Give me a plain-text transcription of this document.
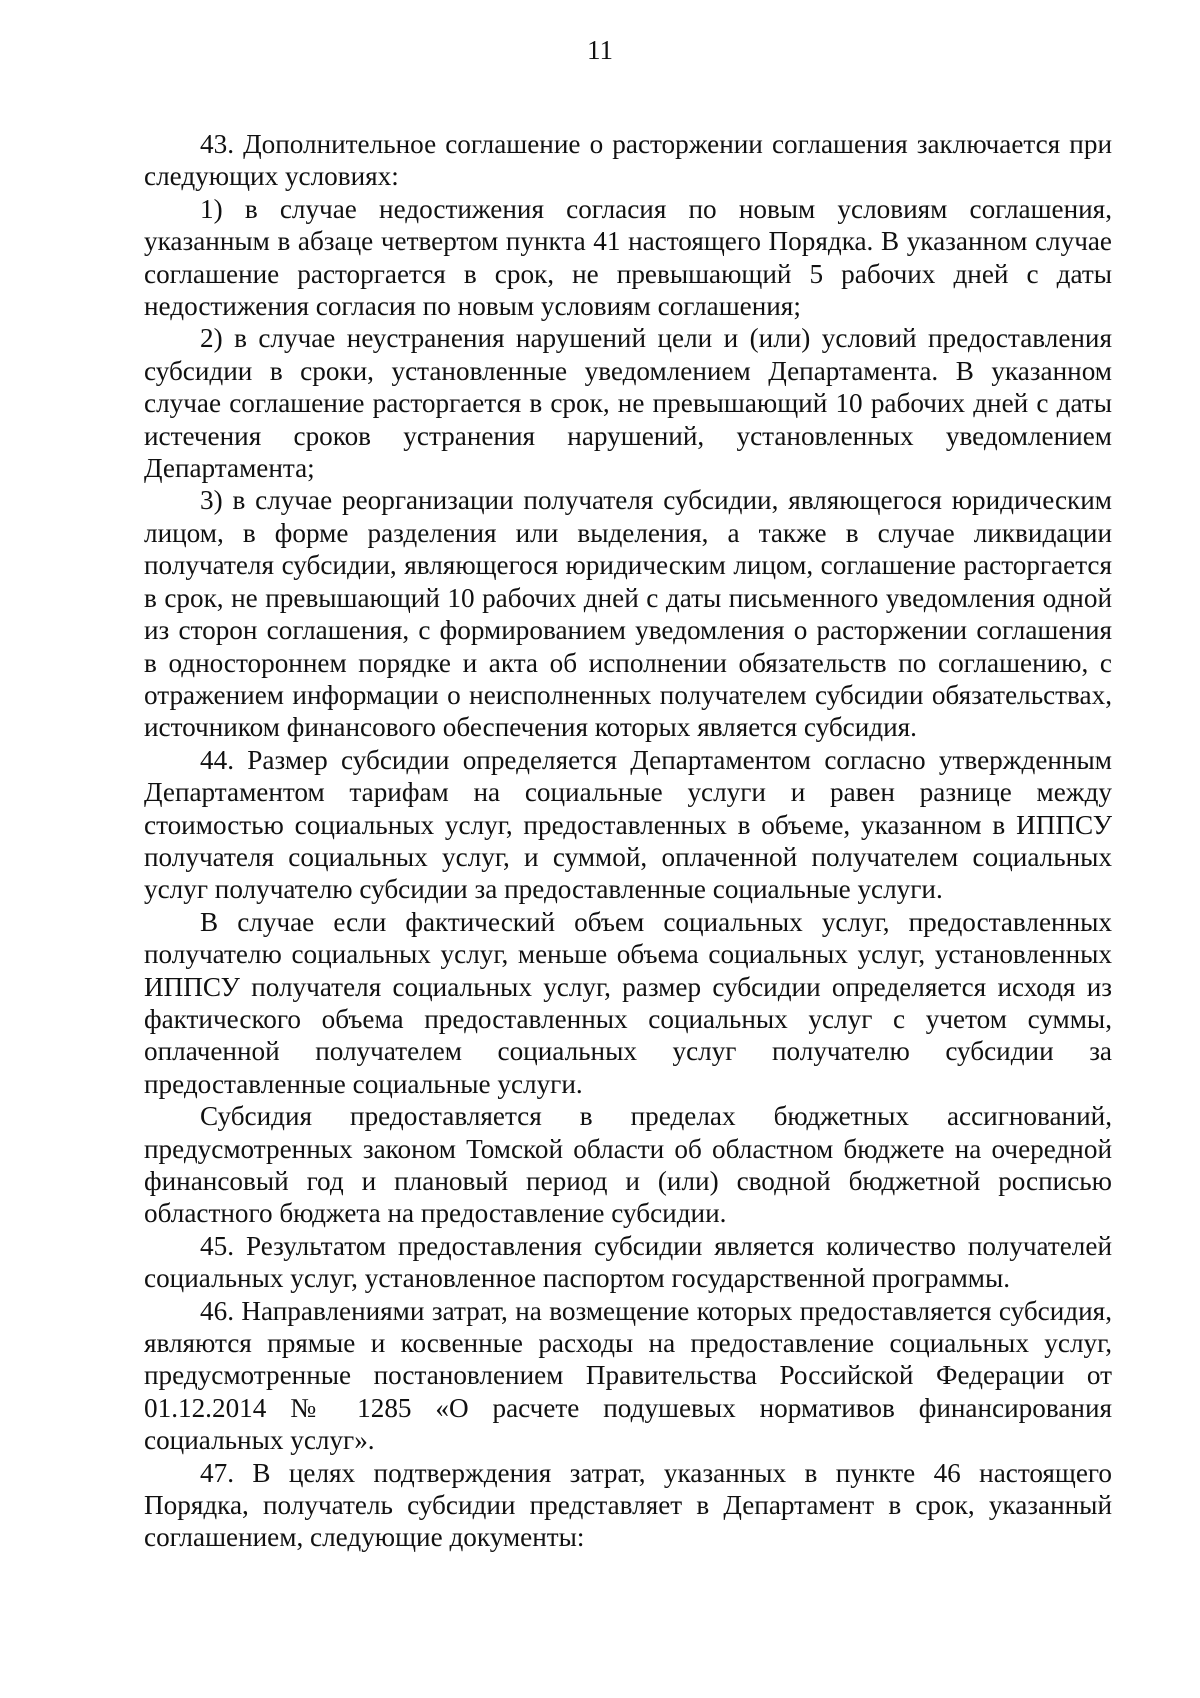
11

43. Дополнительное соглашение о расторжении соглашения заключается при следующих условиях:

1) в случае недостижения согласия по новым условиям соглашения, указанным в абзаце четвертом пункта 41 настоящего Порядка. В указанном случае соглашение расторгается в срок, не превышающий 5 рабочих дней с даты недостижения согласия по новым условиям соглашения;

2) в случае неустранения нарушений цели и (или) условий предоставления субсидии в сроки, установленные уведомлением Департамента. В указанном случае соглашение расторгается в срок, не превышающий 10 рабочих дней с даты истечения сроков устранения нарушений, установленных уведомлением Департамента;

3) в случае реорганизации получателя субсидии, являющегося юридическим лицом, в форме разделения или выделения, а также в случае ликвидации получателя субсидии, являющегося юридическим лицом, соглашение расторгается в срок, не превышающий 10 рабочих дней с даты письменного уведомления одной из сторон соглашения, с формированием уведомления о расторжении соглашения в одностороннем порядке и акта об исполнении обязательств по соглашению, с отражением информации о неисполненных получателем субсидии обязательствах, источником финансового обеспечения которых является субсидия.

44. Размер субсидии определяется Департаментом согласно утвержденным Департаментом тарифам на социальные услуги и равен разнице между стоимостью социальных услуг, предоставленных в объеме, указанном в ИППСУ получателя социальных услуг, и суммой, оплаченной получателем социальных услуг получателю субсидии за предоставленные социальные услуги.

В случае если фактический объем социальных услуг, предоставленных получателю социальных услуг, меньше объема социальных услуг, установленных ИППСУ получателя социальных услуг, размер субсидии определяется исходя из фактического объема предоставленных социальных услуг с учетом суммы, оплаченной получателем социальных услуг получателю субсидии за предоставленные социальные услуги.

Субсидия предоставляется в пределах бюджетных ассигнований, предусмотренных законом Томской области об областном бюджете на очередной финансовый год и плановый период и (или) сводной бюджетной росписью областного бюджета на предоставление субсидии.

45. Результатом предоставления субсидии является количество получателей социальных услуг, установленное паспортом государственной программы.

46. Направлениями затрат, на возмещение которых предоставляется субсидия, являются прямые и косвенные расходы на предоставление социальных услуг, предусмотренные постановлением Правительства Российской Федерации от 01.12.2014 № 1285 «О расчете подушевых нормативов финансирования социальных услуг».

47. В целях подтверждения затрат, указанных в пункте 46 настоящего Порядка, получатель субсидии представляет в Департамент в срок, указанный соглашением, следующие документы:
